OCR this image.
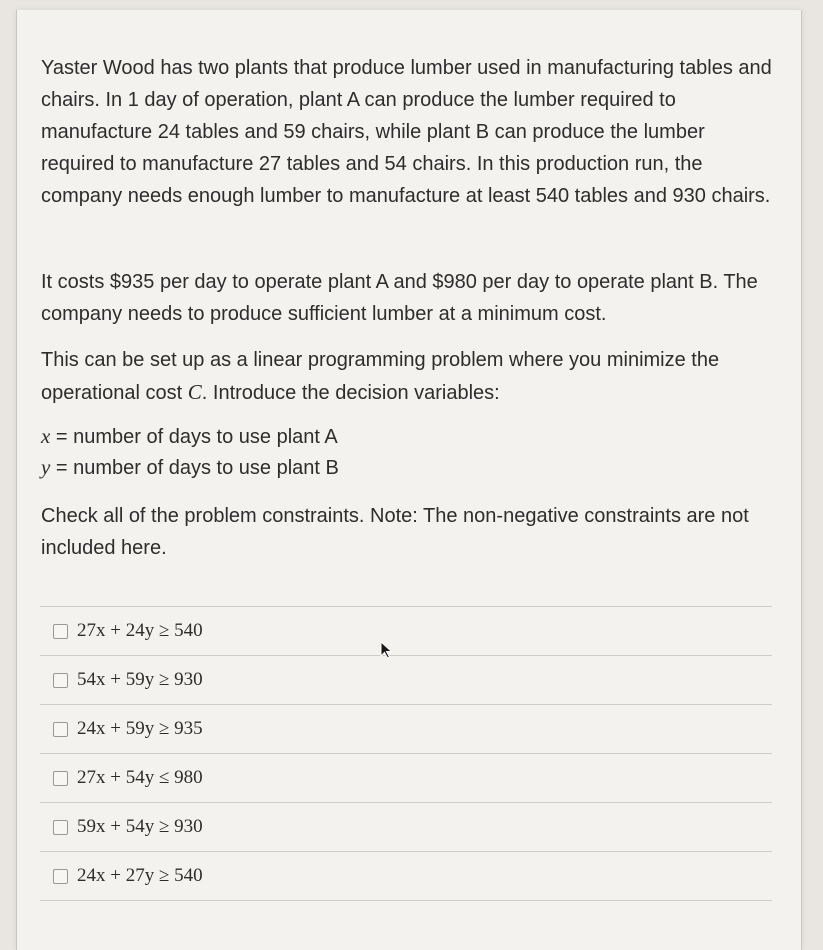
Yaster Wood has two plants that produce lumber used in manufacturing tables and chairs. In 1 day of operation, plant A can produce the lumber required to manufacture 24 tables and 59 chairs, while plant B can produce the lumber required to manufacture 27 tables and 54 chairs. In this production run, the company needs enough lumber to manufacture at least 540 tables and 930 chairs.
It costs $935 per day to operate plant A and $980 per day to operate plant B. The company needs to produce sufficient lumber at a minimum cost.
This can be set up as a linear programming problem where you minimize the operational cost C. Introduce the decision variables:
x = number of days to use plant A
y = number of days to use plant B
Check all of the problem constraints. Note: The non-negative constraints are not included here.
27x + 24y ≥ 540
54x + 59y ≥ 930
24x + 59y ≥ 935
27x + 54y ≤ 980
59x + 54y ≥ 930
24x + 27y ≥ 540
